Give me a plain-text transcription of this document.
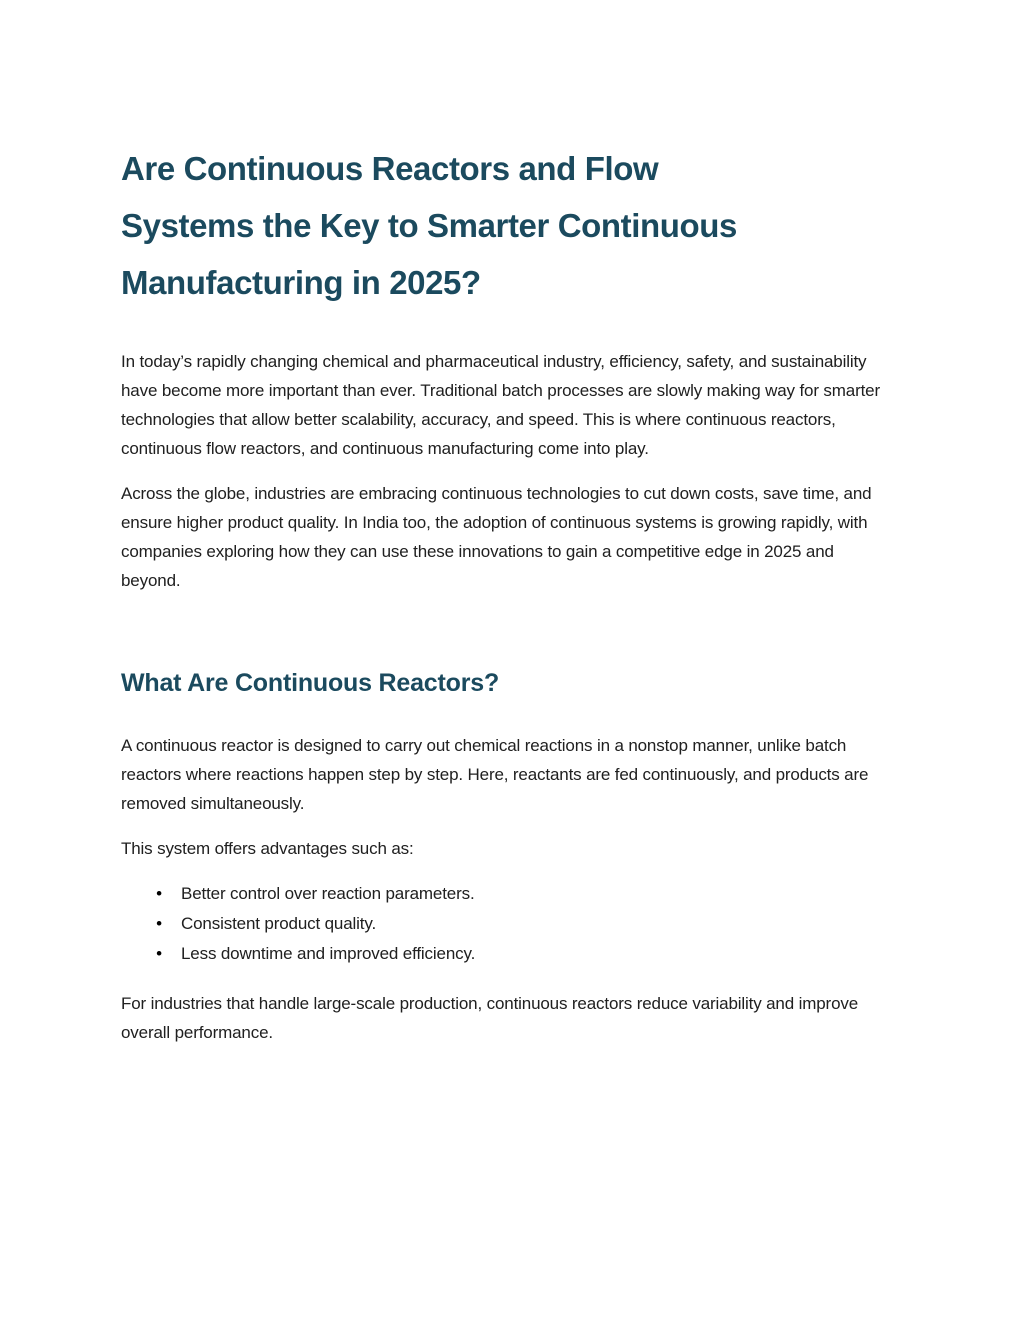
Are Continuous Reactors and Flow
Systems the Key to Smarter Continuous
Manufacturing in 2025?

In today’s rapidly changing chemical and pharmaceutical industry, efficiency, safety, and sustainability have become more important than ever. Traditional batch processes are slowly making way for smarter technologies that allow better scalability, accuracy, and speed. This is where continuous reactors, continuous flow reactors, and continuous manufacturing come into play.

Across the globe, industries are embracing continuous technologies to cut down costs, save time, and ensure higher product quality. In India too, the adoption of continuous systems is growing rapidly, with companies exploring how they can use these innovations to gain a competitive edge in 2025 and beyond.

What Are Continuous Reactors?

A continuous reactor is designed to carry out chemical reactions in a nonstop manner, unlike batch reactors where reactions happen step by step. Here, reactants are fed continuously, and products are removed simultaneously.

This system offers advantages such as:

• Better control over reaction parameters.
• Consistent product quality.
• Less downtime and improved efficiency.

For industries that handle large-scale production, continuous reactors reduce variability and improve overall performance.
